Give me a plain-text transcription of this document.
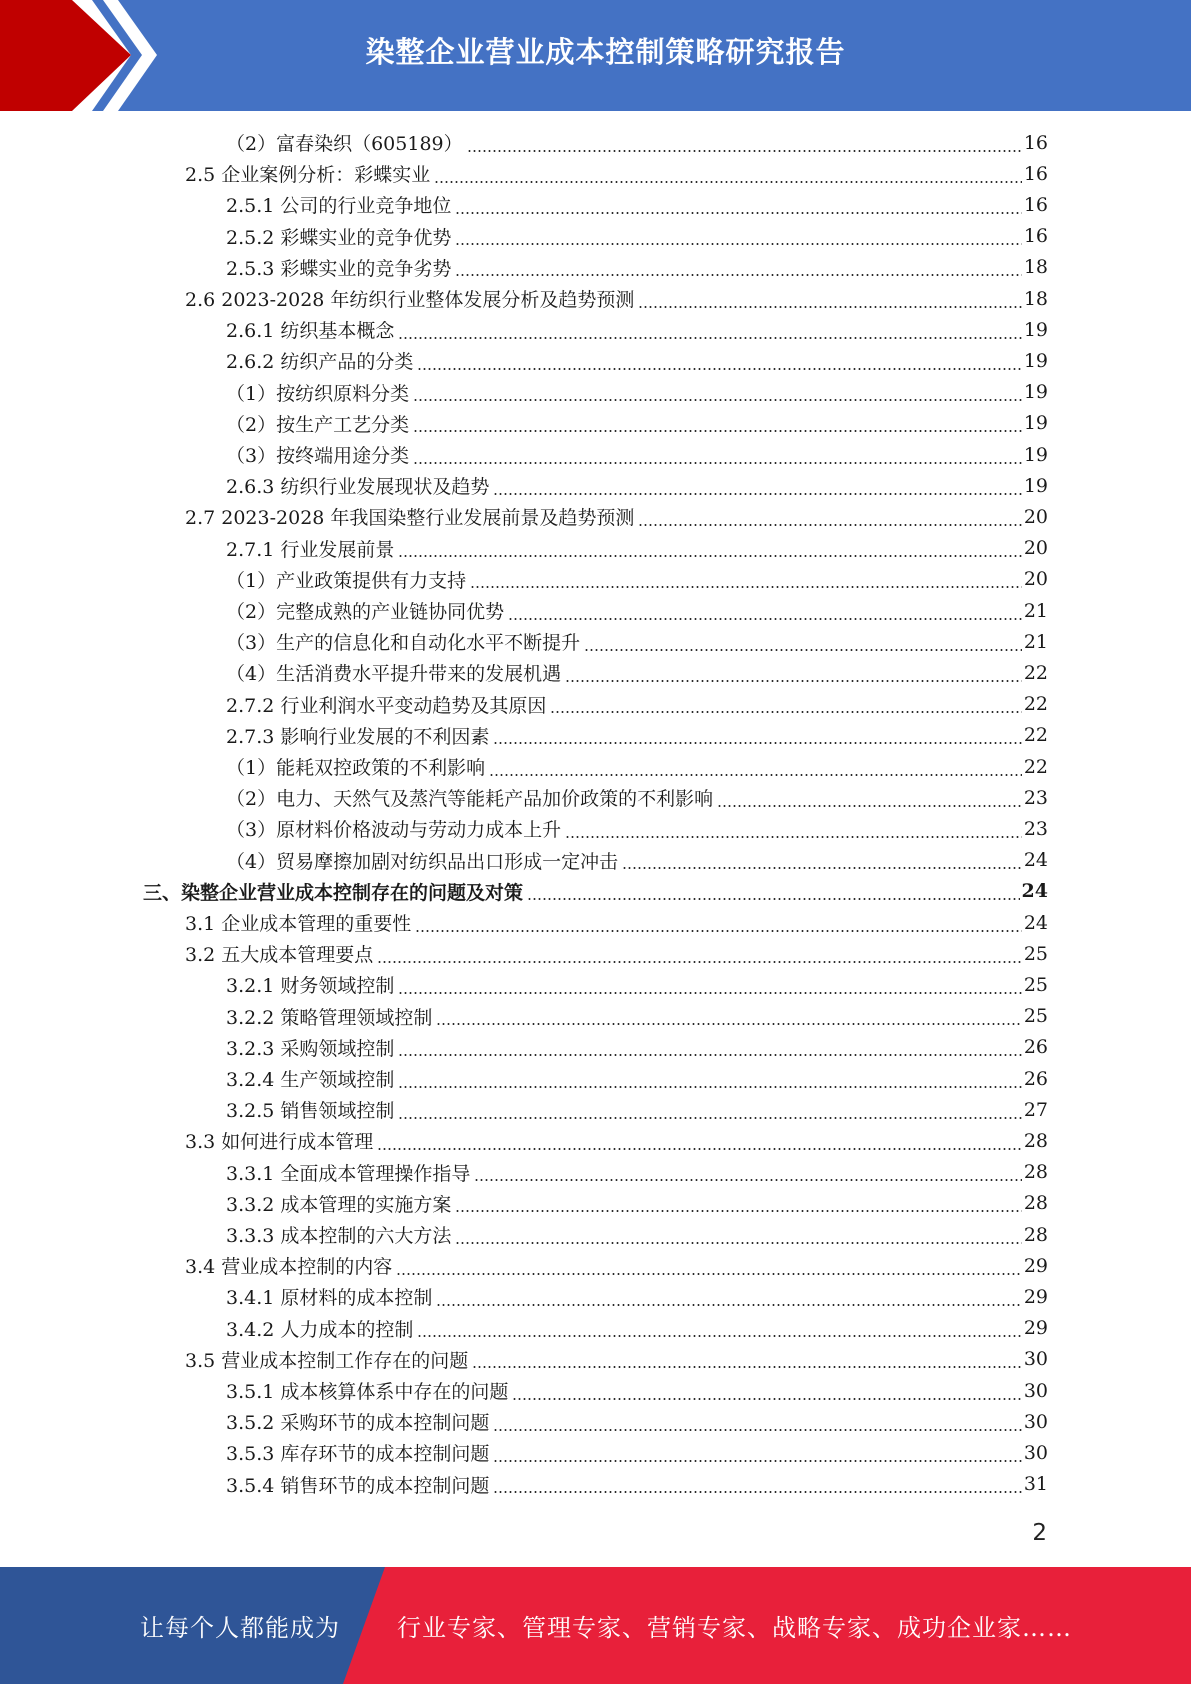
染整企业营业成本控制策略研究报告
（2）富春染织（605189）	16
2.5 企业案例分析：彩蝶实业	16
2.5.1 公司的行业竞争地位	16
2.5.2 彩蝶实业的竞争优势	16
2.5.3 彩蝶实业的竞争劣势	18
2.6 2023-2028 年纺织行业整体发展分析及趋势预测	18
2.6.1 纺织基本概念	19
2.6.2 纺织产品的分类	19
（1）按纺织原料分类	19
（2）按生产工艺分类	19
（3）按终端用途分类	19
2.6.3 纺织行业发展现状及趋势	19
2.7 2023-2028 年我国染整行业发展前景及趋势预测	20
2.7.1 行业发展前景	20
（1）产业政策提供有力支持	20
（2）完整成熟的产业链协同优势	21
（3）生产的信息化和自动化水平不断提升	21
（4）生活消费水平提升带来的发展机遇	22
2.7.2 行业利润水平变动趋势及其原因	22
2.7.3 影响行业发展的不利因素	22
（1）能耗双控政策的不利影响	22
（2）电力、天然气及蒸汽等能耗产品加价政策的不利影响	23
（3）原材料价格波动与劳动力成本上升	23
（4）贸易摩擦加剧对纺织品出口形成一定冲击	24
三、染整企业营业成本控制存在的问题及对策	24
3.1 企业成本管理的重要性	24
3.2 五大成本管理要点	25
3.2.1 财务领域控制	25
3.2.2 策略管理领域控制	25
3.2.3 采购领域控制	26
3.2.4 生产领域控制	26
3.2.5 销售领域控制	27
3.3 如何进行成本管理	28
3.3.1 全面成本管理操作指导	28
3.3.2 成本管理的实施方案	28
3.3.3 成本控制的六大方法	28
3.4 营业成本控制的内容	29
3.4.1 原材料的成本控制	29
3.4.2 人力成本的控制	29
3.5 营业成本控制工作存在的问题	30
3.5.1 成本核算体系中存在的问题	30
3.5.2 采购环节的成本控制问题	30
3.5.3 库存环节的成本控制问题	30
3.5.4 销售环节的成本控制问题	31
2
让每个人都能成为 行业专家、管理专家、营销专家、战略专家、成功企业家……
